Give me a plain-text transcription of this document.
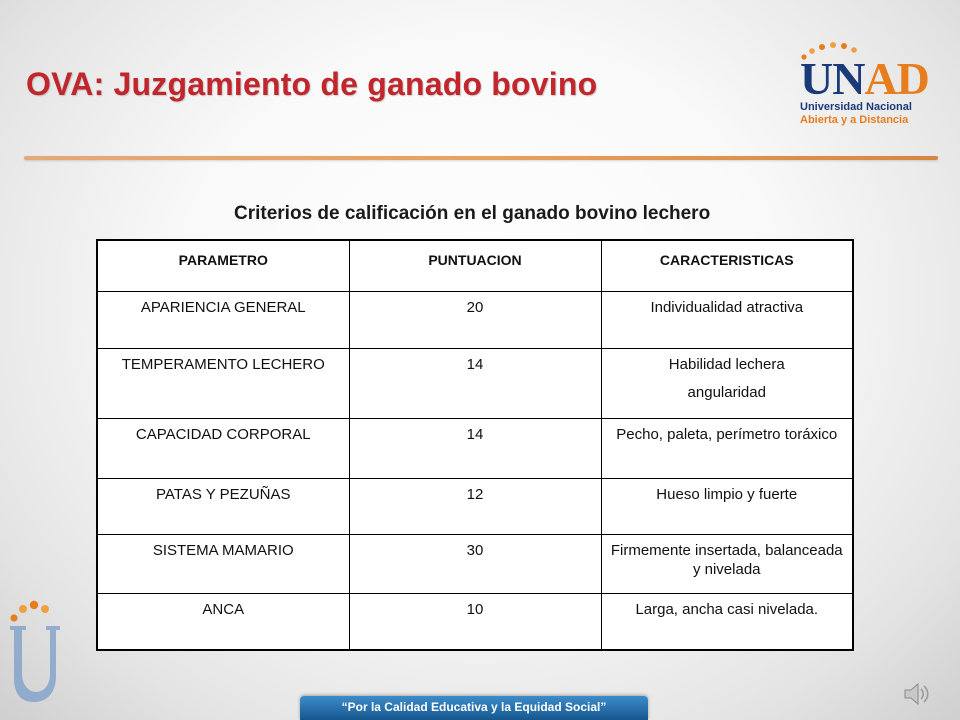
OVA: Juzgamiento de ganado bovino	UNAD
Universidad Nacional
Abierta y a Distancia
Criterios de calificación en el ganado bovino lechero
PARAMETRO	PUNTUACION	CARACTERISTICAS
APARIENCIA GENERAL	20	Individualidad atractiva

TEMPERAMENTO LECHERO	14	Habilidad lechera
angularidad

CAPACIDAD CORPORAL	14	Pecho, paleta, perímetro toráxico

PATAS Y PEZUÑAS	12	Hueso limpio y fuerte

SISTEMA MAMARIO	30	Firmemente insertada, balanceada y nivelada

ANCA	10	Larga, ancha casi nivelada.
“Por la Calidad Educativa y la Equidad Social”
